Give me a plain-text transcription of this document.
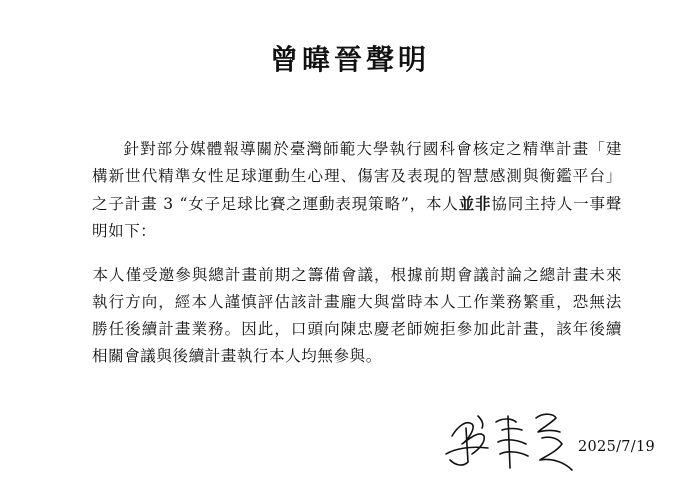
曾暐晉聲明
針對部分媒體報導關於臺灣師範大學執行國科會核定之精準計畫「建構新世代精準女性足球運動生心理、傷害及表現的智慧感測與衡鑑平台」之子計畫 3 “女子足球比賽之運動表現策略”，本人並非協同主持人一事聲明如下：
本人僅受邀參與總計畫前期之籌備會議，根據前期會議討論之總計畫未來執行方向，經本人謹慎評估該計畫龐大與當時本人工作業務繁重，恐無法勝任後續計畫業務。因此，口頭向陳忠慶老師婉拒參加此計畫，該年後續相關會議與後續計畫執行本人均無參與。
2025/7/19
